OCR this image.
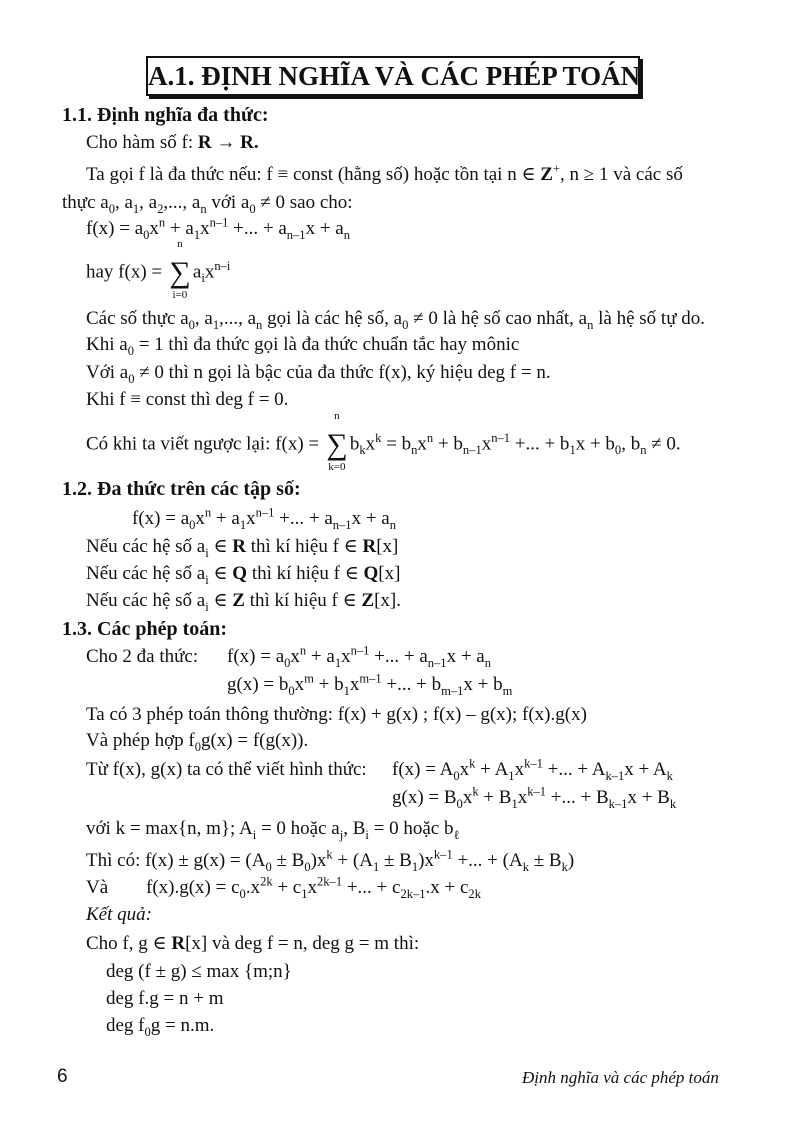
A.1. ĐỊNH NGHĨA VÀ CÁC PHÉP TOÁN
1.1. Định nghĩa đa thức:
Cho hàm số f: R → R.
Ta gọi f là đa thức nếu: f ≡ const (hằng số) hoặc tồn tại n ∈ Z+, n ≥ 1 và các số
thực $a_0$, $a_1$, $a_2$,..., $a_n$ với $a_0 \ne 0$ sao cho:
$f(x) = a_0x^n + a_1x^{n-1}$ +... + $a_{n-1}x + a_n$
hay f(x) =
n
∑
i=0
$a_ix^{n-i}$
Các số thực $a_0$, $a_1$,..., $a_n$ gọi là các hệ số, $a_0 \ne 0$ là hệ số cao nhất, $a_n$ là hệ số tự do.
Khi $a_0 = 1$ thì đa thức gọi là đa thức chuẩn tắc hay mônic
Với $a_0 \ne 0$ thì n gọi là bậc của đa thức f(x), ký hiệu deg f = n.
Khi f ≡ const thì deg f = 0.
Có khi ta viết ngược lại: f(x) =
n
∑
k=0
$b_kx^k = b_nx^n + b_{n-1}x^{n-1}$ +... + $b_1x + b_0$, $b_n \ne 0$.
1.2. Đa thức trên các tập số:
$f(x) = a_0x^n + a_1x^{n-1}$ +... + $a_{n-1}x + a_n$
Nếu các hệ số $a_i$ ∈ R thì kí hiệu f ∈ R[x]
Nếu các hệ số $a_i$ ∈ Q thì kí hiệu f ∈ Q[x]
Nếu các hệ số $a_i$ ∈ Z thì kí hiệu f ∈ Z[x].
1.3. Các phép toán:
Cho 2 đa thức: $f(x) = a_0x^n + a_1x^{n-1}$ +... + $a_{n-1}x + a_n$
$g(x) = b_0x^m + b_1x^{m-1}$ +... + $b_{m-1}x + b_m$
Ta có 3 phép toán thông thường: f(x) + g(x) ; f(x) – g(x); f(x).g(x)
Và phép hợp $f_0g(x) = f(g(x))$.
Từ f(x), g(x) ta có thể viết hình thức: $f(x) = A_0x^k + A_1x^{k-1}$ +... + $A_{k-1}x + A_k$
$g(x) = B_0x^k + B_1x^{k-1}$ +... + $B_{k-1}x + B_k$
với k = max{n, m}; $A_i = 0$ hoặc $a_j$, $B_i = 0$ hoặc $b_\ell$
Thì có: $f(x) \pm g(x) = (A_0 \pm B_0)x^k + (A_1 \pm B_1)x^{k-1}$ +... + $(A_k \pm B_k)$
Và $f(x).g(x) = c_0.x^{2k} + c_1x^{2k-1}$ +... + $c_{2k-1}.x + c_{2k}$
Kết quả:
Cho f, g ∈ R[x] và deg f = n, deg g = m thì:
deg (f ± g) ≤ max {m;n}
deg f.g = n + m
deg $f_0g = n.m$.
6	Định nghĩa và các phép toán
